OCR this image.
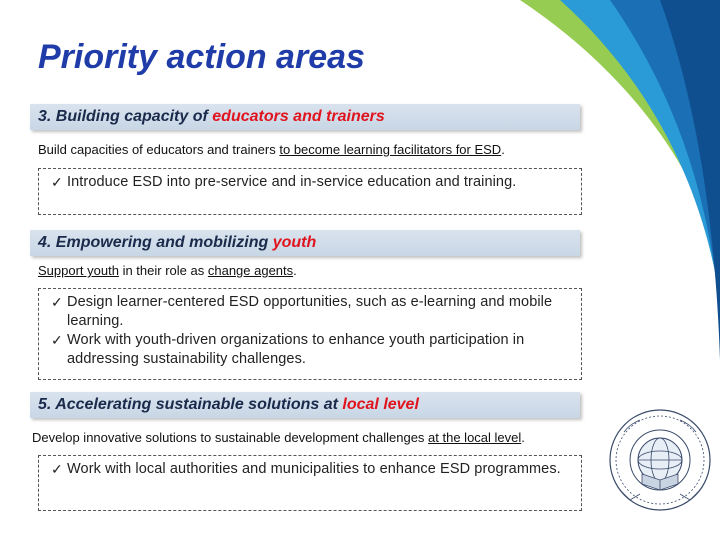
Priority action areas
3. Building capacity of educators and trainers
Build capacities of educators and trainers to become learning facilitators for ESD.
✓ Introduce ESD into pre-service and in-service education and training.
4. Empowering and mobilizing youth
Support youth in their role as change agents.
✓ Design learner-centered ESD opportunities, such as e-learning and mobile learning.
✓ Work with youth-driven organizations to enhance youth participation in addressing sustainability challenges.
5. Accelerating sustainable solutions at local level
Develop innovative solutions to sustainable development challenges at the local level.
✓ Work with local authorities and municipalities to enhance ESD programmes.
